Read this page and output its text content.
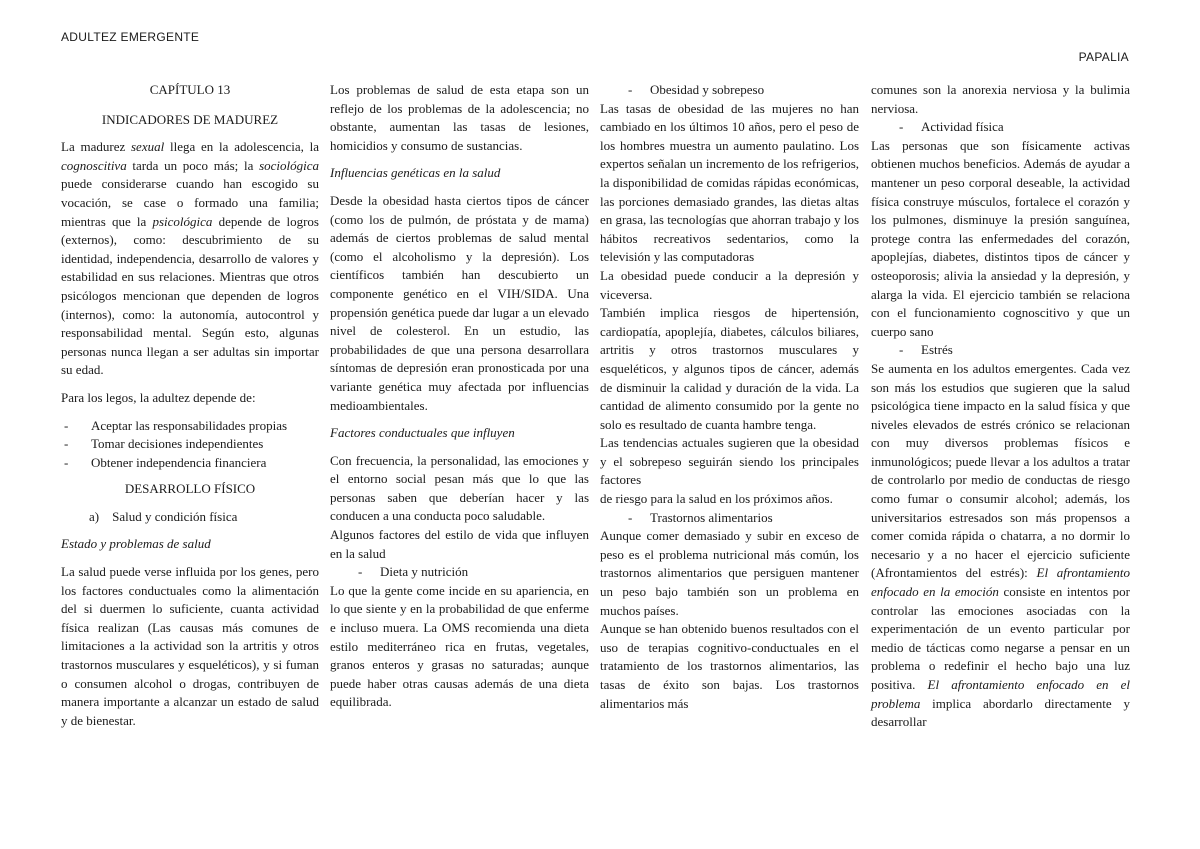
ADULTEZ EMERGENTE
PAPALIA

CAPÍTULO 13

INDICADORES DE MADUREZ

La madurez sexual llega en la adolescencia, la cognoscitiva tarda un poco más; la sociológica puede considerarse cuando han escogido su vocación, se case o formado una familia; mientras que la psicológica depende de logros (externos), como: descubrimiento de su identidad, independencia, desarrollo de valores y estabilidad en sus relaciones. Mientras que otros psicólogos mencionan que dependen de logros (internos), como: la autonomía, autocontrol y responsabilidad mental. Según esto, algunas personas nunca llegan a ser adultas sin importar su edad.

Para los legos, la adultez depende de:

- Aceptar las responsabilidades propias
- Tomar decisiones independientes
- Obtener independencia financiera

DESARROLLO FÍSICO

a)    Salud y condición física

Estado y problemas de salud

La salud puede verse influida por los genes, pero los factores conductuales como la alimentación del si duermen lo suficiente, cuanta actividad física realizan (Las causas más comunes de limitaciones a la actividad son la artritis y otros trastornos musculares y esqueléticos), y si fuman o consumen alcohol o drogas, contribuyen de manera importante a alcanzar un estado de salud y de bienestar.

Los problemas de salud de esta etapa son un reflejo de los problemas de la adolescencia; no obstante, aumentan las tasas de lesiones, homicidios y consumo de sustancias.

Influencias genéticas en la salud

Desde la obesidad hasta ciertos tipos de cáncer (como los de pulmón, de próstata y de mama) además de ciertos problemas de salud mental (como el alcoholismo y la depresión). Los científicos también han descubierto un componente genético en el VIH/SIDA. Una propensión genética puede dar lugar a un elevado nivel de colesterol. En un estudio, las probabilidades de que una persona desarrollara síntomas de depresión eran pronosticada por una variante genética muy afectada por influencias medioambientales.

Factores conductuales que influyen

Con frecuencia, la personalidad, las emociones y el entorno social pesan más que lo que las personas saben que deberían hacer y las conducen a una conducta poco saludable.

Algunos factores del estilo de vida que influyen en la salud

- Dieta y nutrición

Lo que la gente come incide en su apariencia, en lo que siente y en la probabilidad de que enferme e incluso muera. La OMS recomienda una dieta estilo mediterráneo rica en frutas, vegetales, granos enteros y grasas no saturadas; aunque puede haber otras causas además de una dieta equilibrada.

- Obesidad y sobrepeso

Las tasas de obesidad de las mujeres no han cambiado en los últimos 10 años, pero el peso de los hombres muestra un aumento paulatino. Los expertos señalan un incremento de los refrigerios, la disponibilidad de comidas rápidas económicas, las porciones demasiado grandes, las dietas altas en grasa, las tecnologías que ahorran trabajo y los hábitos recreativos sedentarios, como la televisión y las computadoras

La obesidad puede conducir a la depresión y viceversa.

También implica riesgos de hipertensión, cardiopatía, apoplejía, diabetes, cálculos biliares, artritis y otros trastornos musculares y esqueléticos, y algunos tipos de cáncer, además de disminuir la calidad y duración de la vida. La cantidad de alimento consumido por la gente no solo es resultado de cuanta hambre tenga.

Las tendencias actuales sugieren que la obesidad y el sobrepeso seguirán siendo los principales factores

de riesgo para la salud en los próximos años.

- Trastornos alimentarios

Aunque comer demasiado y subir en exceso de peso es el problema nutricional más común, los trastornos alimentarios que persiguen mantener un peso bajo también son un problema en muchos países.

Aunque se han obtenido buenos resultados con el uso de terapias cognitivo-conductuales en el tratamiento de los trastornos alimentarios, las tasas de éxito son bajas. Los trastornos alimentarios más

comunes son la anorexia nerviosa y la bulimia nerviosa.

- Actividad física

Las personas que son físicamente activas obtienen muchos beneficios. Además de ayudar a mantener un peso corporal deseable, la actividad física construye músculos, fortalece el corazón y los pulmones, disminuye la presión sanguínea, protege contra las enfermedades del corazón, apoplejías, diabetes, distintos tipos de cáncer y osteoporosis; alivia la ansiedad y la depresión, y alarga la vida. El ejercicio también se relaciona con el funcionamiento cognoscitivo y que un cuerpo sano

- Estrés

Se aumenta en los adultos emergentes. Cada vez son más los estudios que sugieren que la salud psicológica tiene impacto en la salud física y que niveles elevados de estrés crónico se relacionan con muy diversos problemas físicos e inmunológicos; puede llevar a los adultos a tratar de controlarlo por medio de conductas de riesgo como fumar o consumir alcohol; además, los universitarios estresados son más propensos a comer comida rápida o chatarra, a no dormir lo necesario y a no hacer el ejercicio suficiente (Afrontamientos del estrés): El afrontamiento enfocado en la emoción consiste en intentos por controlar las emociones asociadas con la experimentación de un evento particular por medio de tácticas como negarse a pensar en un problema o redefinir el hecho bajo una luz positiva. El afrontamiento enfocado en el problema implica abordarlo directamente y desarrollar
